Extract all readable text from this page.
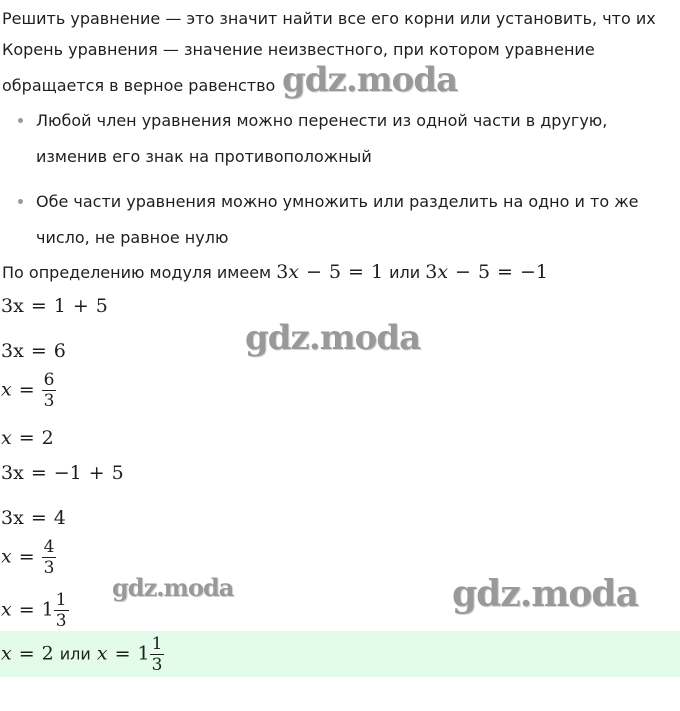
Решить уравнение — это значит найти все его корни или установить, что их
Корень уравнения — значение неизвестного, при котором уравнение
обращается в верное равенство
Любой член уравнения можно перенести из одной части в другую,
изменив его знак на противоположный
Обе части уравнения можно умножить или разделить на одно и то же
число, не равное нулю
По определению модуля имеем 3x − 5 = 1 или 3x − 5 = −1
3x = 1 + 5
3x = 6
$x = \frac{6}{3}$
x = 2
3x = −1 + 5
3x = 4
$x = \frac{4}{3}$
$x = 1 \frac{1}{3}$
x = 2 или $x = 1 \frac{1}{3}$
gdz.moda
gdz.moda
gdz.moda	gdz.moda
